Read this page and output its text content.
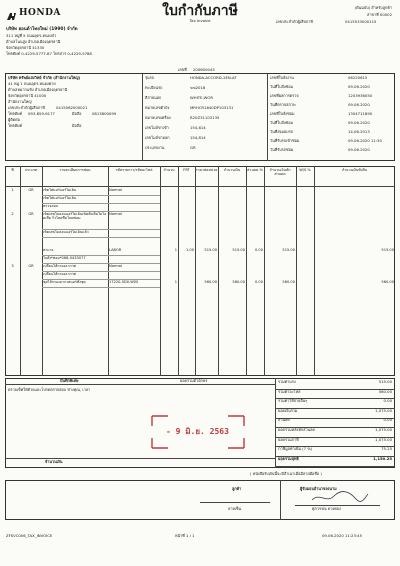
HONDA	ใบกำกับภาษี
Tax Invoice
(ต้นฉบับ) สำหรับลูกค้า
สาขาที่ 00002
เลขประจำตัวผู้เสียภาษี	0415533000115
บริษัท ฮอนด้าไทยใหม่ (1990) จำกัด
311 หมู่ที่ 5 ถนนอุดร-หนองบัว
ตำบลโนนสูง อำเภอเมืองอุดรธานี
จังหวัดอุดรธานี 41330
โทรศัพท์ 0-4229-5777-87 โทรสาร 0-4229-5788
เลขที่ 200600045
บริษัท ทรัพย์แสงวิทย์ จำกัด (สำนักงานใหญ่)
41 หมู่ 1 ถนนอุดร-หนองคาย
ตำบลหมากแข้ง อำเภอเมืองอุดรธานี
จังหวัดอุดรธานี 41000
สำนักงานใหญ่
เลขประจำตัวผู้เสียภาษี	0415562000021
โทรศัพท์ 093-859-6177	มือถือ	0813800099
ผู้ติดต่อ
โทรศัพท์	มือถือ
รุ่นรถ	HONDA-ACCORD-2EN-AT
ทะเบียนรถ	ฆฆ2018
สีภายนอก	WHITE-WOR
หมายเลขตัวถัง	MRHCR1640DP103131
หมายเลขเครื่อง	R20Z31103135
เลขไมล์ขาเข้า	154,814
เลขไมล์ขาออก	154,814
ประเภทงาน	GR
เลขที่ใบสั่งงาน	06220615
วันที่ใบสั่งซ่อม	09.06.2020
เลขที่ผลการตรวจ	1203936050
วันที่ตรวจสภาพ	09.06.2020
เลขที่ใบสั่งซ่อม	1304711890
วันที่ใบสั่งซ่อม	09.06.2020
วันที่ส่งมอบรถ	14.06.2013
วันที่รับรถเข้าซ่อม	09.06.2020 11:30
วันที่รับรถซ่อม	09.06.2020
ที่	ประเภท	รายละเอียดการซ่อม	รหัสรายการ/รหัสอะไหล่	จำนวน	FRT	ราคาต่อหน่วย	จำนวนเงิน	ส่วนลด %	จำนวนเงินหักส่วนลด
W/S %	จำนวนเงินทั้งสิ้น
1	GR	เช็คไฟแอร์แอร์ไม่เย็น	Normal
เช็คไฟแอร์แอร์ไม่เย็น
ตรวจสอบ
2	GR	เช็คเลขไมลอบแอร์ไม่เย็นเช็คสั่งเติมไดโอ ดเสีย รั่วไหลซึมโดยซ่อม
Normal
เช็คเลขไมลอบแอร์ไม่เย็นแล้ว
ค่าแรง	LABOR	1	1.00	515.00	515.00	0.00	515.00	515.00
ใบสั่ง*ซ่อม*068-0433077
3	GR	เปลี่ยนไส้กรองอากาศ	Normal
เปลี่ยนไส้กรองอากาศ
ชุดไส้กรองอากาศแอร์ทั้งชุด	17220-5D0-W00	1	560.00	560.00	0.00	560.00	560.00
- 9 มิ.ย. 2563
บันทึกพิเศษ	ยอดรวมตัวอักษร
ตรวจเช็คให้ด้วยและโปรดตรวจสอบ ช่างคุณ, เวลา
จำนวนเงิน
รวมค่าแรง	515.00
รวมค่าอะไหล่	560.00
รวมค่าใช้จ่ายอื่นๆ	0.00
ยอดเงินรวม	1,075.00
ส่วนลด	0.00
ยอดรวมหลังหักส่วนลด	1,075.00
ยอดรวมภาษี	1,075.00
ภาษีมูลค่าเพิ่ม (7 %)	75.25
ยอดรวมสุทธิ	1,150.25
( หนังสือรับเงินนี้จะมีสำเนาเมื่อมีลายมือชื่อ )
ลูกค้า	ผู้รับมอบอำนาจลงนาม
ลายเซ็น	ศุภวรรณ ดวงทอง
ZFSVC006_TAX_INVOICE	หน้าที่ 1 / 1	09.06.2020 11:23:45
